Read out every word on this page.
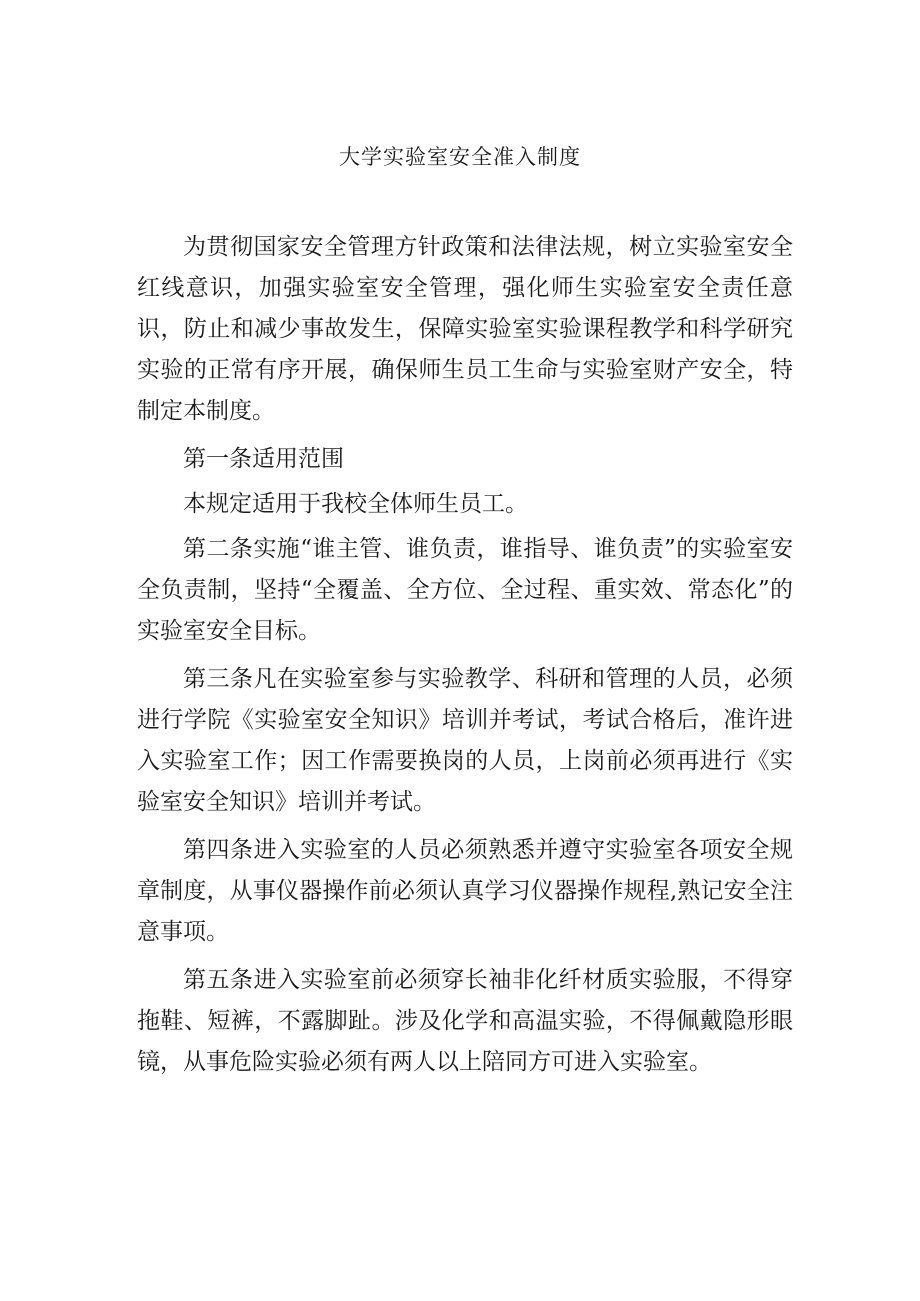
大学实验室安全准入制度

为贯彻国家安全管理方针政策和法律法规，树立实验室安全红线意识，加强实验室安全管理，强化师生实验室安全责任意识，防止和减少事故发生，保障实验室实验课程教学和科学研究实验的正常有序开展，确保师生员工生命与实验室财产安全，特制定本制度。

第一条适用范围

本规定适用于我校全体师生员工。

第二条实施“谁主管、谁负责，谁指导、谁负责”的实验室安全负责制，坚持“全覆盖、全方位、全过程、重实效、常态化”的实验室安全目标。

第三条凡在实验室参与实验教学、科研和管理的人员，必须进行学院《实验室安全知识》培训并考试，考试合格后，准许进入实验室工作；因工作需要换岗的人员，上岗前必须再进行《实验室安全知识》培训并考试。

第四条进入实验室的人员必须熟悉并遵守实验室各项安全规章制度，从事仪器操作前必须认真学习仪器操作规程,熟记安全注意事项。

第五条进入实验室前必须穿长袖非化纤材质实验服，不得穿拖鞋、短裤，不露脚趾。涉及化学和高温实验，不得佩戴隐形眼镜，从事危险实验必须有两人以上陪同方可进入实验室。
